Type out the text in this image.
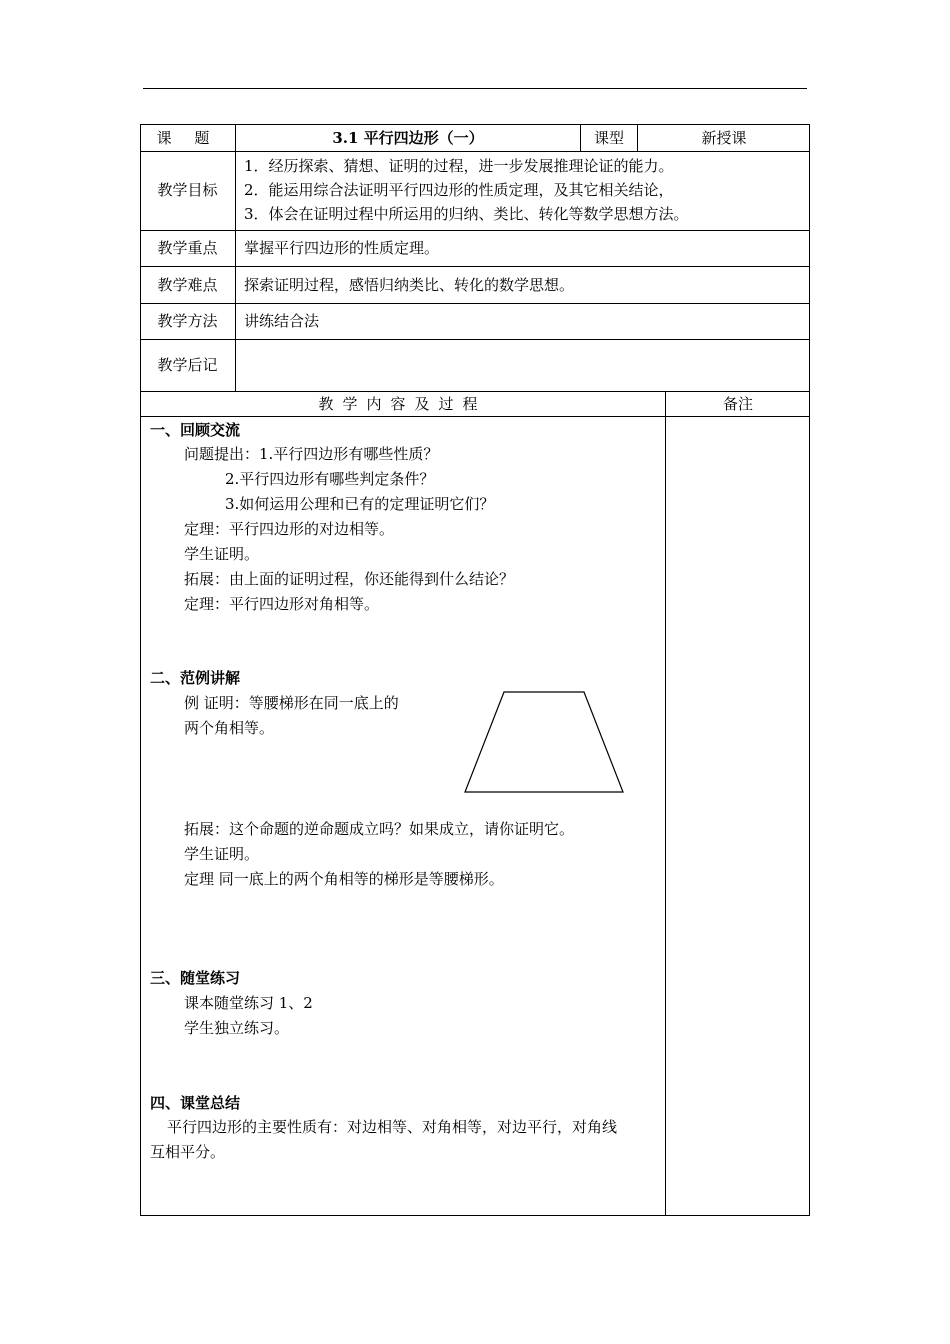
课 题	3.1 平行四边形（一）	课型	新授课
教学目标
1．经历探索、猜想、证明的过程，进一步发展推理论证的能力。
2．能运用综合法证明平行四边形的性质定理，及其它相关结论，
3．体会在证明过程中所运用的归纳、类比、转化等数学思想方法。
教学重点	掌握平行四边形的性质定理。
教学难点	探索证明过程，感悟归纳类比、转化的数学思想。
教学方法	讲练结合法
教学后记
教学内容及过程	备注
一、回顾交流
问题提出：1.平行四边形有哪些性质？
2.平行四边形有哪些判定条件？
3.如何运用公理和已有的定理证明它们？
定理：平行四边形的对边相等。
学生证明。
拓展：由上面的证明过程，你还能得到什么结论？
定理：平行四边形对角相等。
二、范例讲解
例 证明：等腰梯形在同一底上的
两个角相等。
拓展：这个命题的逆命题成立吗？如果成立，请你证明它。
学生证明。
定理 同一底上的两个角相等的梯形是等腰梯形。
三、随堂练习
课本随堂练习 1、2
学生独立练习。
四、课堂总结
平行四边形的主要性质有：对边相等、对角相等，对边平行，对角线
互相平分。
